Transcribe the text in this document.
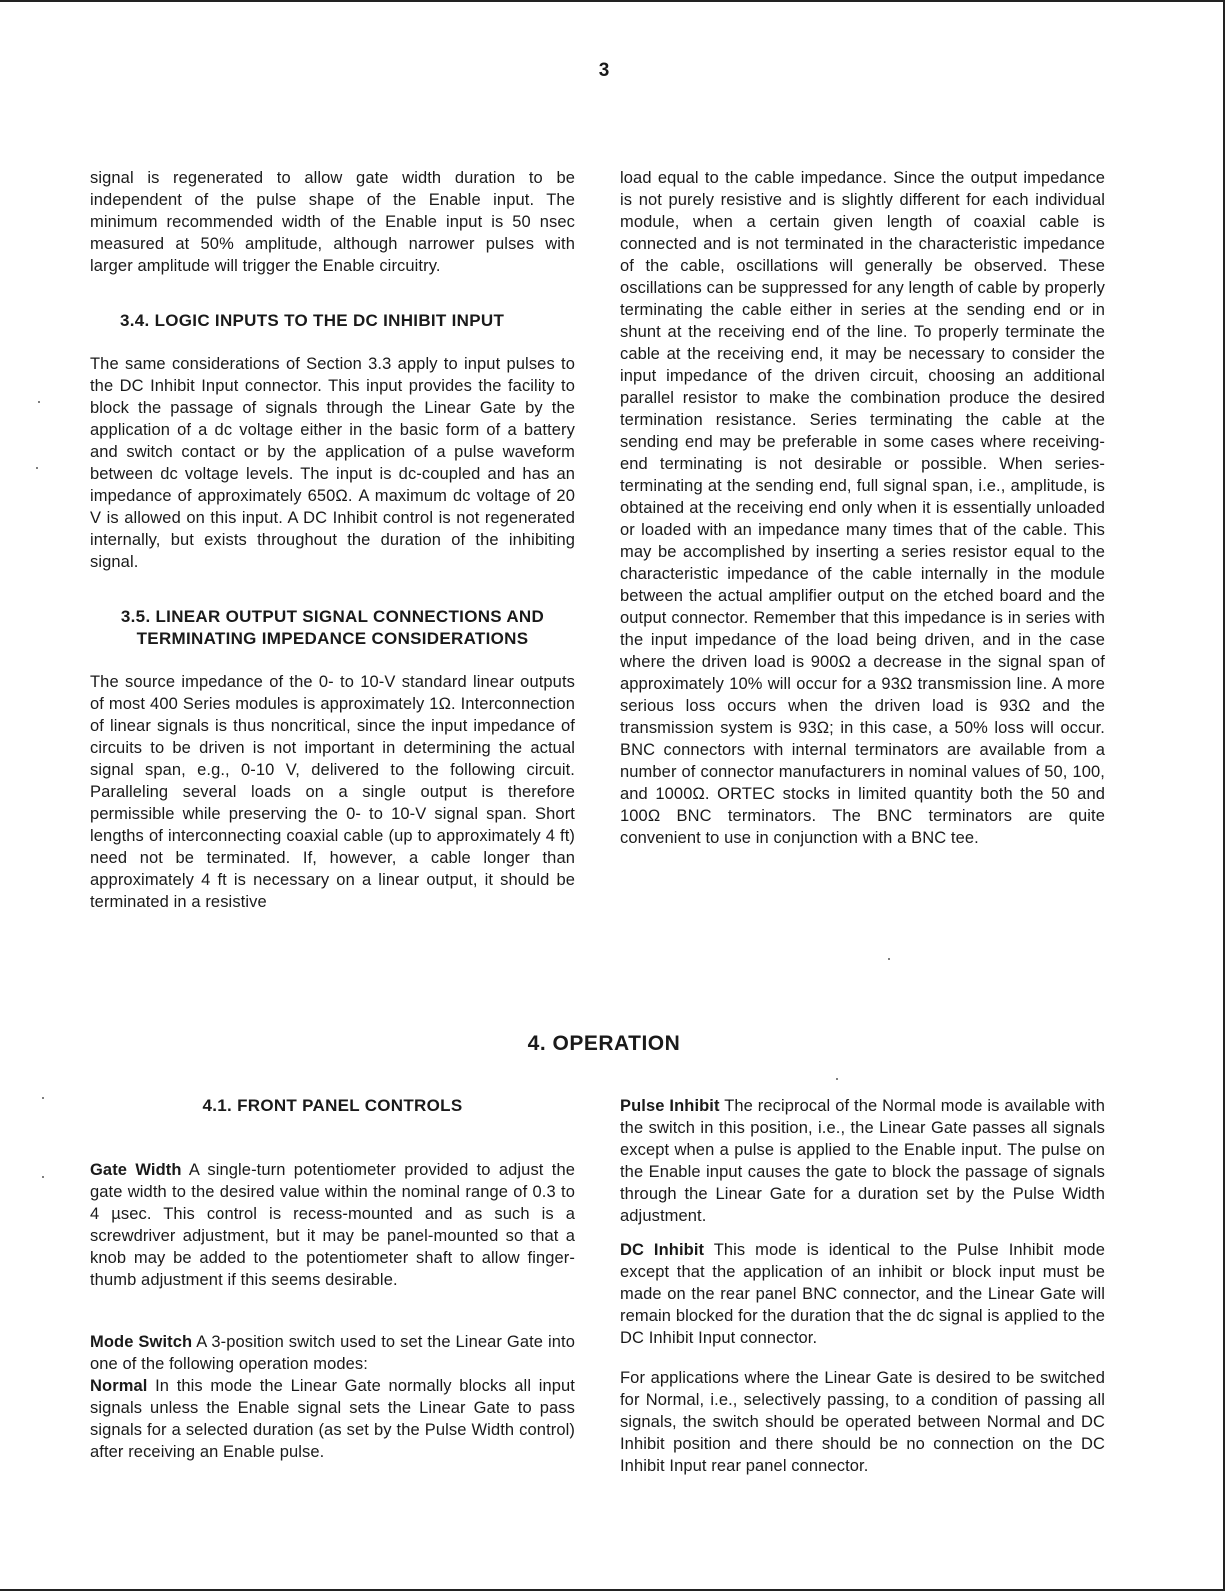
3

signal is regenerated to allow gate width duration to be independent of the pulse shape of the Enable input. The minimum recommended width of the Enable input is 50 nsec measured at 50% amplitude, although narrower pulses with larger amplitude will trigger the Enable circuitry.

3.4. LOGIC INPUTS TO THE DC INHIBIT INPUT

The same considerations of Section 3.3 apply to input pulses to the DC Inhibit Input connector. This input provides the facility to block the passage of signals through the Linear Gate by the application of a dc voltage either in the basic form of a battery and switch contact or by the application of a pulse waveform between dc voltage levels. The input is dc-coupled and has an impedance of approximately 650Ω. A maximum dc voltage of 20 V is allowed on this input. A DC Inhibit control is not regenerated internally, but exists throughout the duration of the inhibiting signal.

3.5. LINEAR OUTPUT SIGNAL CONNECTIONS AND
TERMINATING IMPEDANCE CONSIDERATIONS

The source impedance of the 0- to 10-V standard linear outputs of most 400 Series modules is approximately 1Ω. Interconnection of linear signals is thus noncritical, since the input impedance of circuits to be driven is not important in determining the actual signal span, e.g., 0-10 V, delivered to the following circuit. Paralleling several loads on a single output is therefore permissible while preserving the 0- to 10-V signal span. Short lengths of interconnecting coaxial cable (up to approximately 4 ft) need not be terminated. If, however, a cable longer than approximately 4 ft is necessary on a linear output, it should be terminated in a resistive

load equal to the cable impedance. Since the output impedance is not purely resistive and is slightly different for each individual module, when a certain given length of coaxial cable is connected and is not terminated in the characteristic impedance of the cable, oscillations will generally be observed. These oscillations can be suppressed for any length of cable by properly terminating the cable either in series at the sending end or in shunt at the receiving end of the line. To properly terminate the cable at the receiving end, it may be necessary to consider the input impedance of the driven circuit, choosing an additional parallel resistor to make the combination produce the desired termination resistance. Series terminating the cable at the sending end may be preferable in some cases where receiving-end terminating is not desirable or possible. When series-terminating at the sending end, full signal span, i.e., amplitude, is obtained at the receiving end only when it is essentially unloaded or loaded with an impedance many times that of the cable. This may be accomplished by inserting a series resistor equal to the characteristic impedance of the cable internally in the module between the actual amplifier output on the etched board and the output connector. Remember that this impedance is in series with the input impedance of the load being driven, and in the case where the driven load is 900Ω a decrease in the signal span of approximately 10% will occur for a 93Ω transmission line. A more serious loss occurs when the driven load is 93Ω and the transmission system is 93Ω; in this case, a 50% loss will occur. BNC connectors with internal terminators are available from a number of connector manufacturers in nominal values of 50, 100, and 1000Ω. ORTEC stocks in limited quantity both the 50 and 100Ω BNC terminators. The BNC terminators are quite convenient to use in conjunction with a BNC tee.

4. OPERATION
4.1. FRONT PANEL CONTROLS

Gate Width A single-turn potentiometer provided to adjust the gate width to the desired value within the nominal range of 0.3 to 4 µsec. This control is recess-mounted and as such is a screwdriver adjustment, but it may be panel-mounted so that a knob may be added to the potentiometer shaft to allow finger-thumb adjustment if this seems desirable.

Mode Switch A 3-position switch used to set the Linear Gate into one of the following operation modes:

Normal In this mode the Linear Gate normally blocks all input signals unless the Enable signal sets the Linear Gate to pass signals for a selected duration (as set by the Pulse Width control) after receiving an Enable pulse.

Pulse Inhibit The reciprocal of the Normal mode is available with the switch in this position, i.e., the Linear Gate passes all signals except when a pulse is applied to the Enable input. The pulse on the Enable input causes the gate to block the passage of signals through the Linear Gate for a duration set by the Pulse Width adjustment.

DC Inhibit This mode is identical to the Pulse Inhibit mode except that the application of an inhibit or block input must be made on the rear panel BNC connector, and the Linear Gate will remain blocked for the duration that the dc signal is applied to the DC Inhibit Input connector.

For applications where the Linear Gate is desired to be switched for Normal, i.e., selectively passing, to a condition of passing all signals, the switch should be operated between Normal and DC Inhibit position and there should be no connection on the DC Inhibit Input rear panel connector.
